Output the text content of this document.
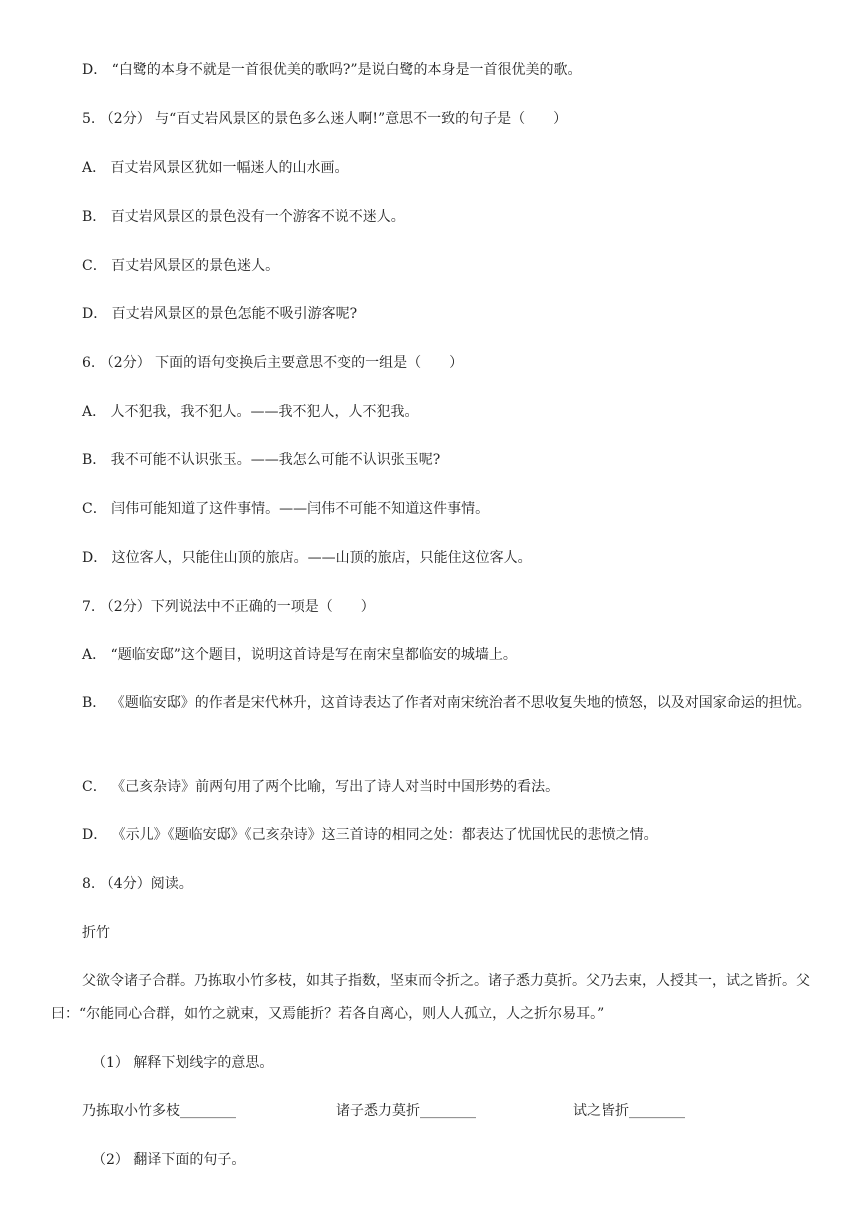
D． “白鹭的本身不就是一首很优美的歌吗?”是说白鹭的本身是一首很优美的歌。
5. （2分） 与“百丈岩风景区的景色多么迷人啊!”意思不一致的句子是（　　）
A． 百丈岩风景区犹如一幅迷人的山水画。
B． 百丈岩风景区的景色没有一个游客不说不迷人。
C． 百丈岩风景区的景色迷人。
D． 百丈岩风景区的景色怎能不吸引游客呢?
6. （2分） 下面的语句变换后主要意思不变的一组是（　　）
A． 人不犯我，我不犯人。——我不犯人，人不犯我。
B． 我不可能不认识张玉。——我怎么可能不认识张玉呢?
C． 闫伟可能知道了这件事情。——闫伟不可能不知道这件事情。
D． 这位客人，只能住山顶的旅店。——山顶的旅店，只能住这位客人。
7. （2分）下列说法中不正确的一项是（　　）
A． “题临安邸”这个题目，说明这首诗是写在南宋皇都临安的城墙上。
B． 《题临安邸》的作者是宋代林升，这首诗表达了作者对南宋统治者不思收复失地的愤怒，以及对国家命运的担忧。
C． 《己亥杂诗》前两句用了两个比喻，写出了诗人对当时中国形势的看法。
D． 《示儿》《题临安邸》《己亥杂诗》这三首诗的相同之处：都表达了忧国忧民的悲愤之情。
8. （4分）阅读。
折竹
父欲令诸子合群。乃拣取小竹多枝，如其子指数，坚束而令折之。诸子悉力莫折。父乃去束，人授其一，试之皆折。父曰：“尔能同心合群，如竹之就束，又焉能折？若各自离心，则人人孤立，人之折尔易耳。”
（1） 解释下划线字的意思。
乃拣取小竹多枝________	诸子悉力莫折________	试之皆折________
（2） 翻译下面的句子。
